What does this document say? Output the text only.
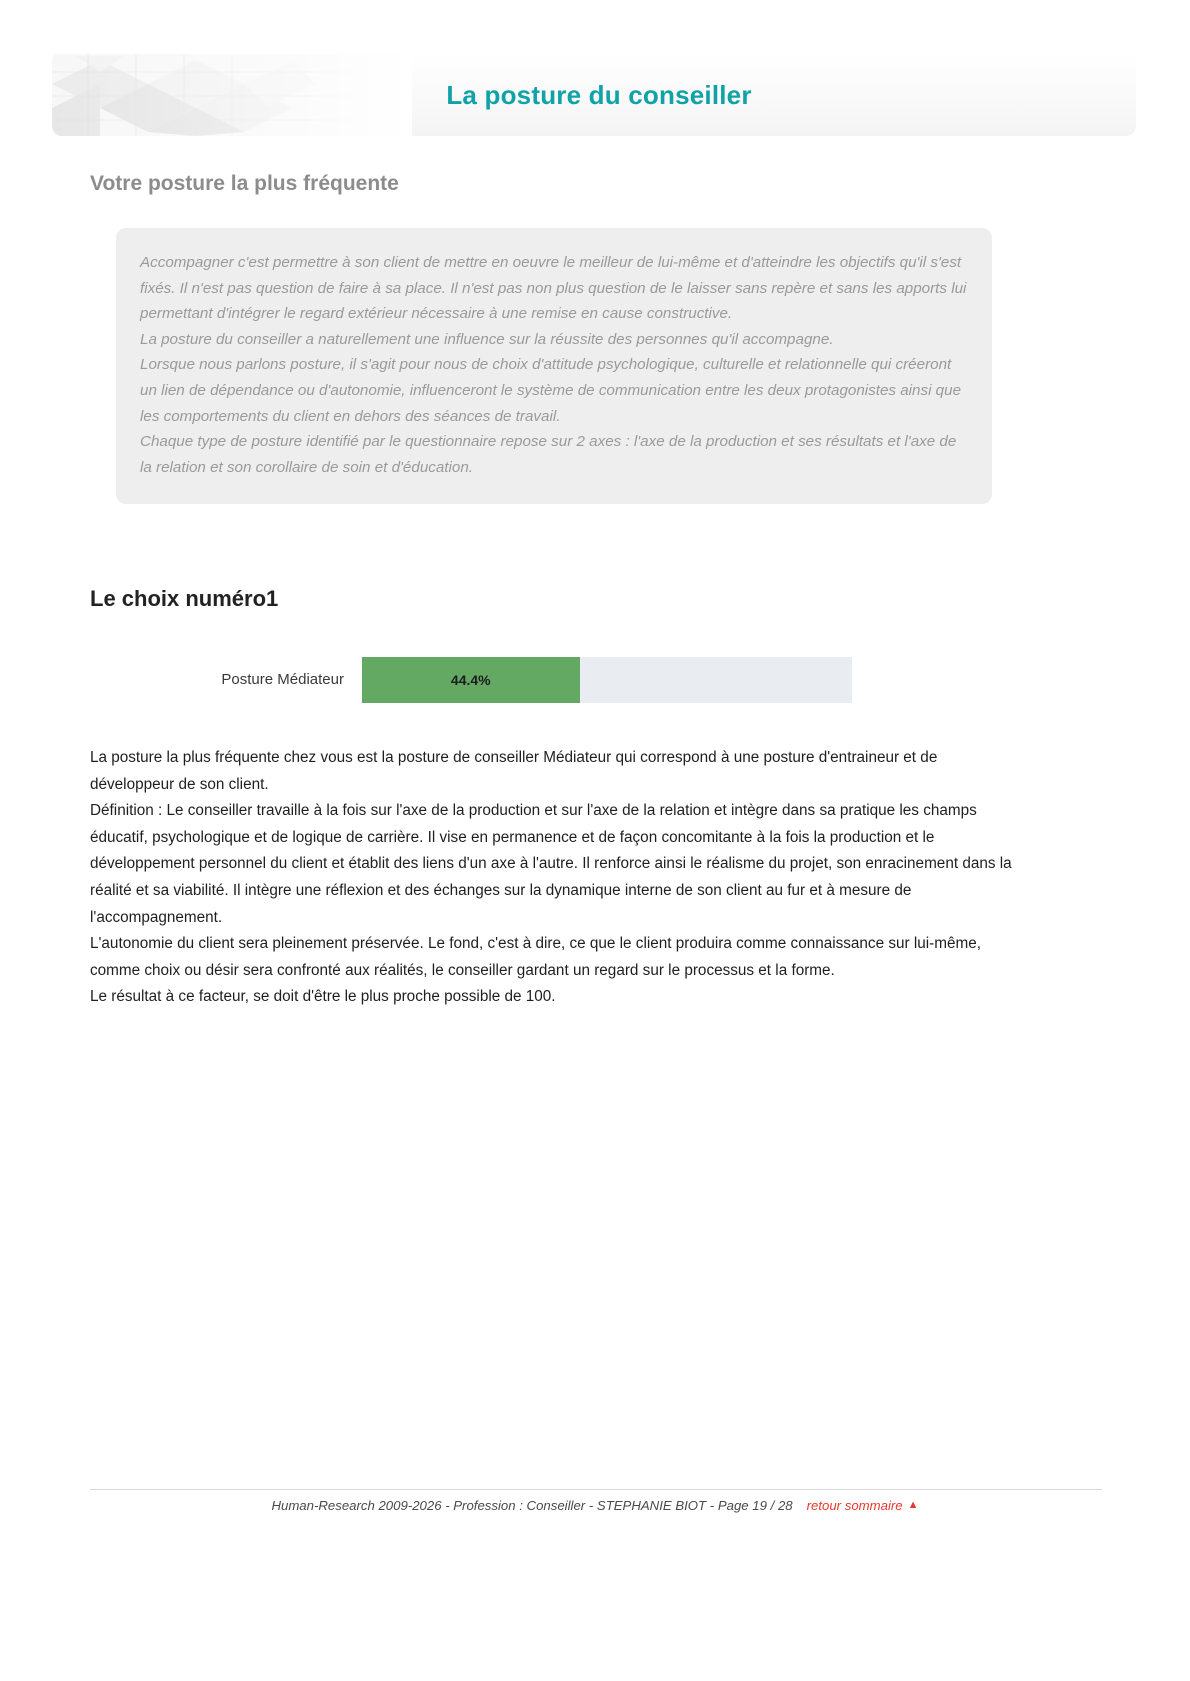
La posture du conseiller
Votre posture la plus fréquente
Accompagner c'est permettre à son client de mettre en oeuvre le meilleur de lui-même et d'atteindre les objectifs qu'il s'est fixés. Il n'est pas question de faire à sa place. Il n'est pas non plus question de le laisser sans repère et sans les apports lui permettant d'intégrer le regard extérieur nécessaire à une remise en cause constructive.
La posture du conseiller a naturellement une influence sur la réussite des personnes qu'il accompagne.
Lorsque nous parlons posture, il s'agit pour nous de choix d'attitude psychologique, culturelle et relationnelle qui créeront un lien de dépendance ou d'autonomie, influenceront le système de communication entre les deux protagonistes ainsi que les comportements du client en dehors des séances de travail.
Chaque type de posture identifié par le questionnaire repose sur 2 axes : l'axe de la production et ses résultats et l'axe de la relation et son corollaire de soin et d'éducation.
Le choix numéro1
Posture Médiateur	44.4%
La posture la plus fréquente chez vous est la posture de conseiller Médiateur qui correspond à une posture d'entraineur et de développeur de son client.
Définition : Le conseiller travaille à la fois sur l'axe de la production et sur l'axe de la relation et intègre dans sa pratique les champs éducatif, psychologique et de logique de carrière. Il vise en permanence et de façon concomitante à la fois la production et le développement personnel du client et établit des liens d'un axe à l'autre. Il renforce ainsi le réalisme du projet, son enracinement dans la réalité et sa viabilité. Il intègre une réflexion et des échanges sur la dynamique interne de son client au fur et à mesure de l'accompagnement.
L'autonomie du client sera pleinement préservée. Le fond, c'est à dire, ce que le client produira comme connaissance sur lui-même, comme choix ou désir sera confronté aux réalités, le conseiller gardant un regard sur le processus et la forme.
Le résultat à ce facteur, se doit d'être le plus proche possible de 100.
Human-Research 2009-2026 - Profession : Conseiller - STEPHANIE BIOT - Page 19 / 28 retour sommaire ▲
